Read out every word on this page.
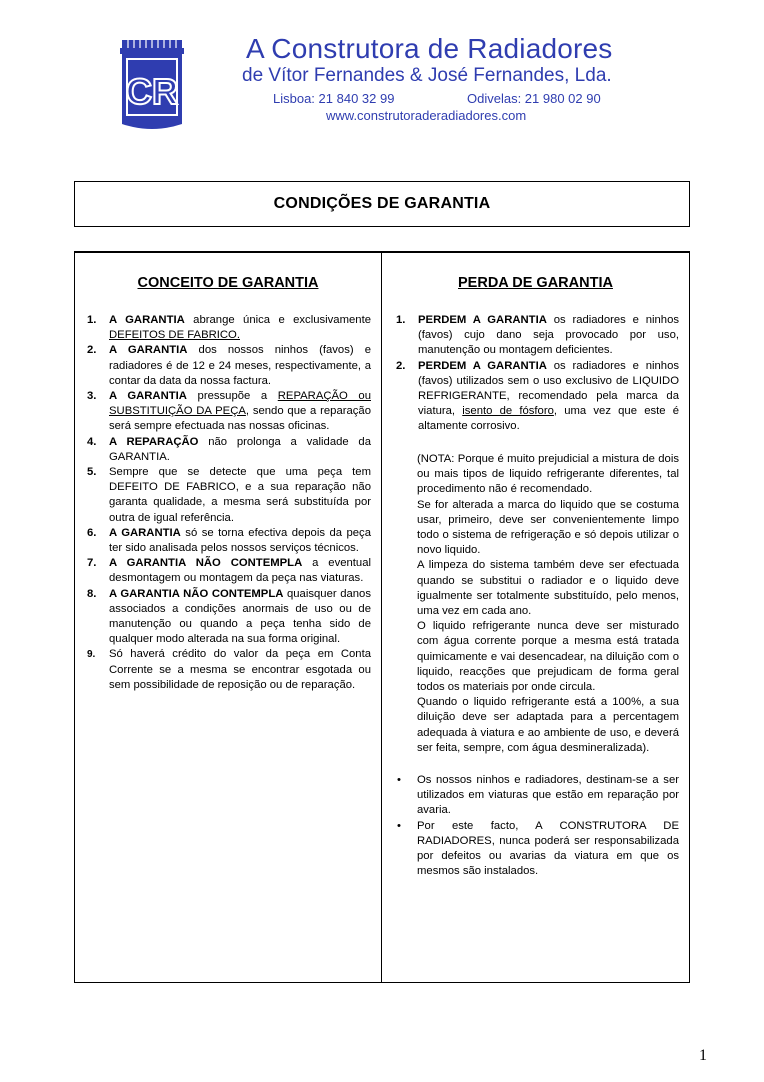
CR
A Construtora de Radiadores
de Vítor Fernandes & José Fernandes, Lda.
Lisboa: 21 840 32 99	Odivelas: 21 980 02 90
www.construtoraderadiadores.com
CONDIÇÕES DE GARANTIA
CONCEITO DE GARANTIA
1. A GARANTIA abrange única e exclusivamente DEFEITOS DE FABRICO.
2. A GARANTIA dos nossos ninhos (favos) e radiadores é de 12 e 24 meses, respectivamente, a contar da data da nossa factura.
3. A GARANTIA pressupõe a REPARAÇÃO ou SUBSTITUIÇÃO DA PEÇA, sendo que a reparação será sempre efectuada nas nossas oficinas.
4. A REPARAÇÃO não prolonga a validade da GARANTIA.
5. Sempre que se detecte que uma peça tem DEFEITO DE FABRICO, e a sua reparação não garanta qualidade, a mesma será substituída por outra de igual referência.
6. A GARANTIA só se torna efectiva depois da peça ter sido analisada pelos nossos serviços técnicos.
7. A GARANTIA NÃO CONTEMPLA a eventual desmontagem ou montagem da peça nas viaturas.
8. A GARANTIA NÃO CONTEMPLA quaisquer danos associados a condições anormais de uso ou de manutenção ou quando a peça tenha sido de qualquer modo alterada na sua forma original.
9. Só haverá crédito do valor da peça em Conta Corrente se a mesma se encontrar esgotada ou sem possibilidade de reposição ou de reparação.
PERDA DE GARANTIA
1. PERDEM A GARANTIA os radiadores e ninhos (favos) cujo dano seja provocado por uso, manutenção ou montagem deficientes.
2. PERDEM A GARANTIA os radiadores e ninhos (favos) utilizados sem o uso exclusivo de LIQUIDO REFRIGERANTE, recomendado pela marca da viatura, isento de fósforo, uma vez que este é altamente corrosivo.

(NOTA: Porque é muito prejudicial a mistura de dois ou mais tipos de liquido refrigerante diferentes, tal procedimento não é recomendado.

Se for alterada a marca do liquido que se costuma usar, primeiro, deve ser convenientemente limpo todo o sistema de refrigeração e só depois utilizar o novo liquido.

A limpeza do sistema também deve ser efectuada quando se substitui o radiador e o liquido deve igualmente ser totalmente substituído, pelo menos, uma vez em cada ano.

O liquido refrigerante nunca deve ser misturado com água corrente porque a mesma está tratada quimicamente e vai desencadear, na diluição com o liquido, reacções que prejudicam de forma geral todos os materiais por onde circula.

Quando o liquido refrigerante está a 100%, a sua diluição deve ser adaptada para a percentagem adequada à viatura e ao ambiente de uso, e deverá ser feita, sempre, com água desmineralizada).

• Os nossos ninhos e radiadores, destinam-se a ser utilizados em viaturas que estão em reparação por avaria.
• Por este facto, A CONSTRUTORA DE RADIADORES, nunca poderá ser responsabilizada por defeitos ou avarias da viatura em que os mesmos são instalados.
1
